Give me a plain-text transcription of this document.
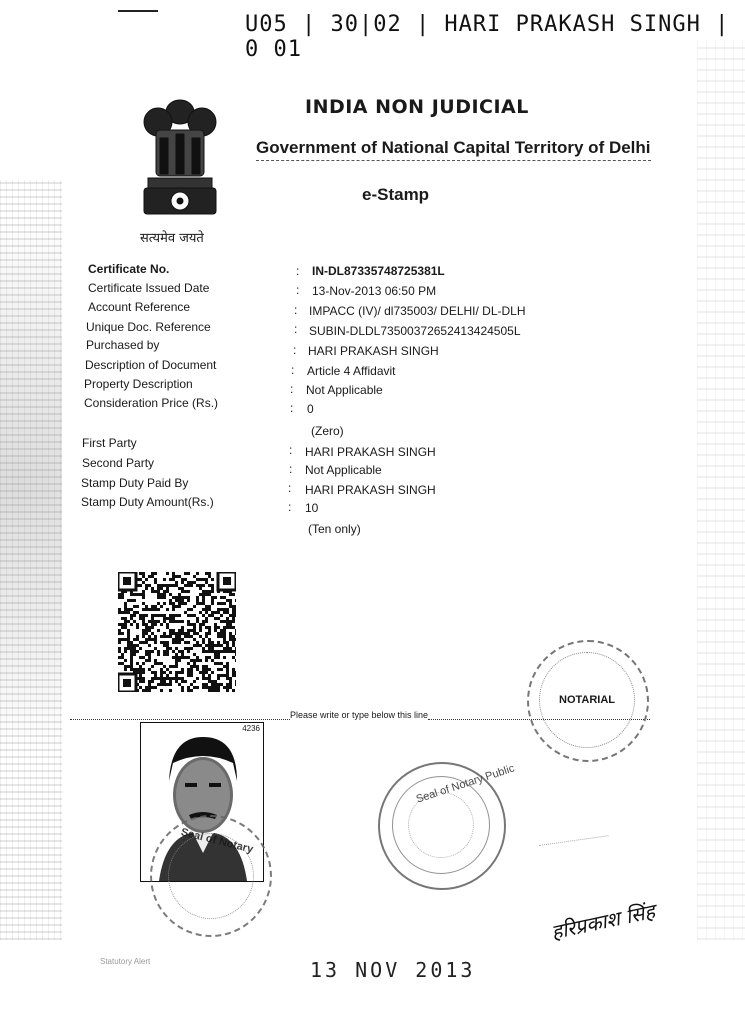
U05 | 30|02 | HARI PRAKASH SINGH | 0 01
सत्यमेव जयते
INDIA NON JUDICIAL
Government of National Capital Territory of Delhi
e-Stamp
Certificate No.	: IN-DL87335748725381L
Certificate Issued Date	: 13-Nov-2013 06:50 PM
Account Reference	: IMPACC (IV)/ dl735003/ DELHI/ DL-DLH
Unique Doc. Reference	: SUBIN-DLDL73500372652413424505L
Purchased by	: HARI PRAKASH SINGH
Description of Document	: Article 4 Affidavit
Property Description	: Not Applicable
Consideration Price (Rs.)	: 0
(Zero)
First Party	: HARI PRAKASH SINGH
Second Party	: Not Applicable
Stamp Duty Paid By	: HARI PRAKASH SINGH
Stamp Duty Amount(Rs.)	: 10
(Ten only)
Please write or type below this line
NOTARIAL
4236
Seal of Notary
Seal of Notary Public
हरिप्रकाश सिंह
Statutory Alert	13 NOV 2013
